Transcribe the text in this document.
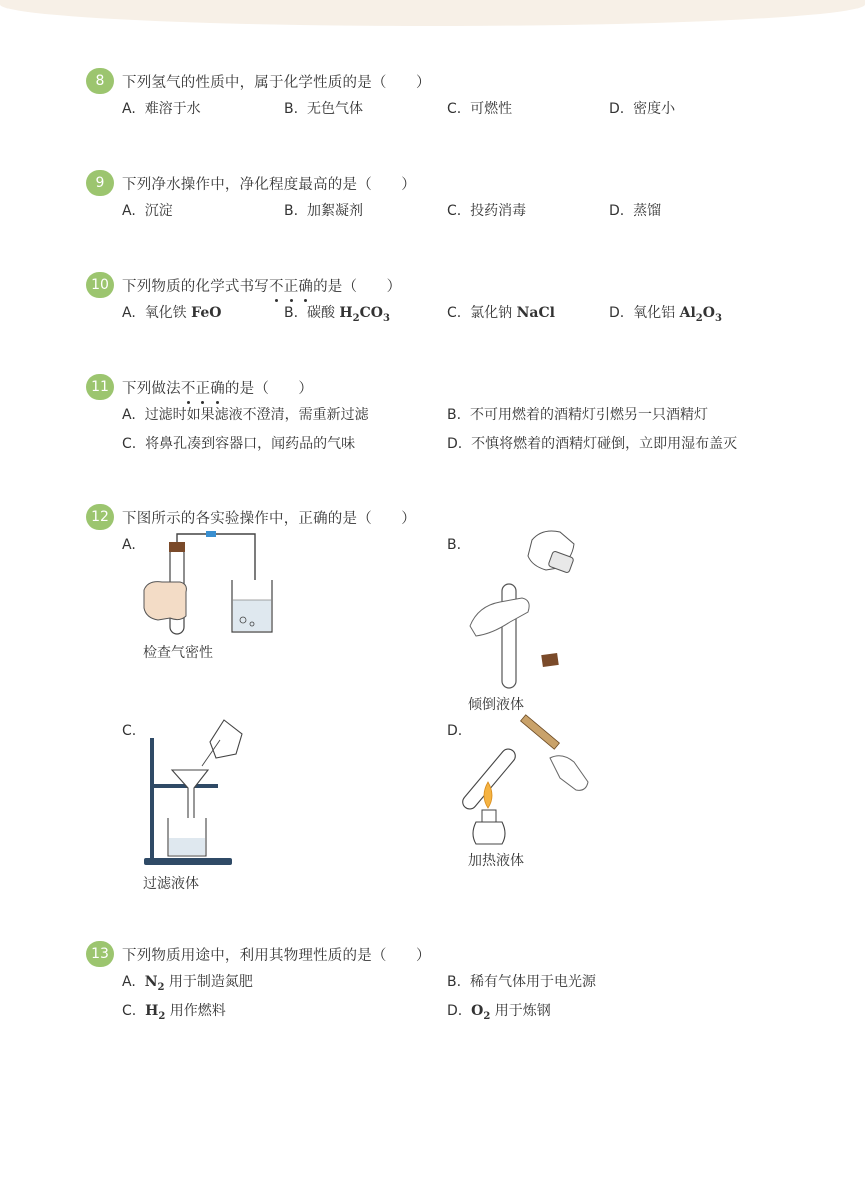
8	下列氢气的性质中，属于化学性质的是（　　）
A. 难溶于水	B. 无色气体	C. 可燃性	D. 密度小
9	下列净水操作中，净化程度最高的是（　　）
A. 沉淀	B. 加絮凝剂	C. 投药消毒	D. 蒸馏
10 下列物质的化学式书写不
正
确
的是（　　）
A. 氧化铁 FeO	B. 碳酸 $H_2CO_3$	C. 氯化钠 NaCl	D. 氧化铝 $Al_2O_3$
11 下列做法不
正
确
的是（　　）
A. 过滤时如果滤液不澄清，需重新过滤	B. 不可用燃着的酒精灯引燃另一只酒精灯
C. 将鼻孔凑到容器口，闻药品的气味	D. 不慎将燃着的酒精灯碰倒，立即用湿布盖灭
12 下图所示的各实验操作中，正确的是（　　）
A.
检查气密性
B.
倾倒液体
C.
过滤液体
D.
加热液体
13 下列物质用途中，利用其物理性质的是（　　）
A. $N_2$ 用于制造氮肥	B. 稀有气体用于电光源
C. $H_2$ 用作燃料	D. $O_2$ 用于炼钢
